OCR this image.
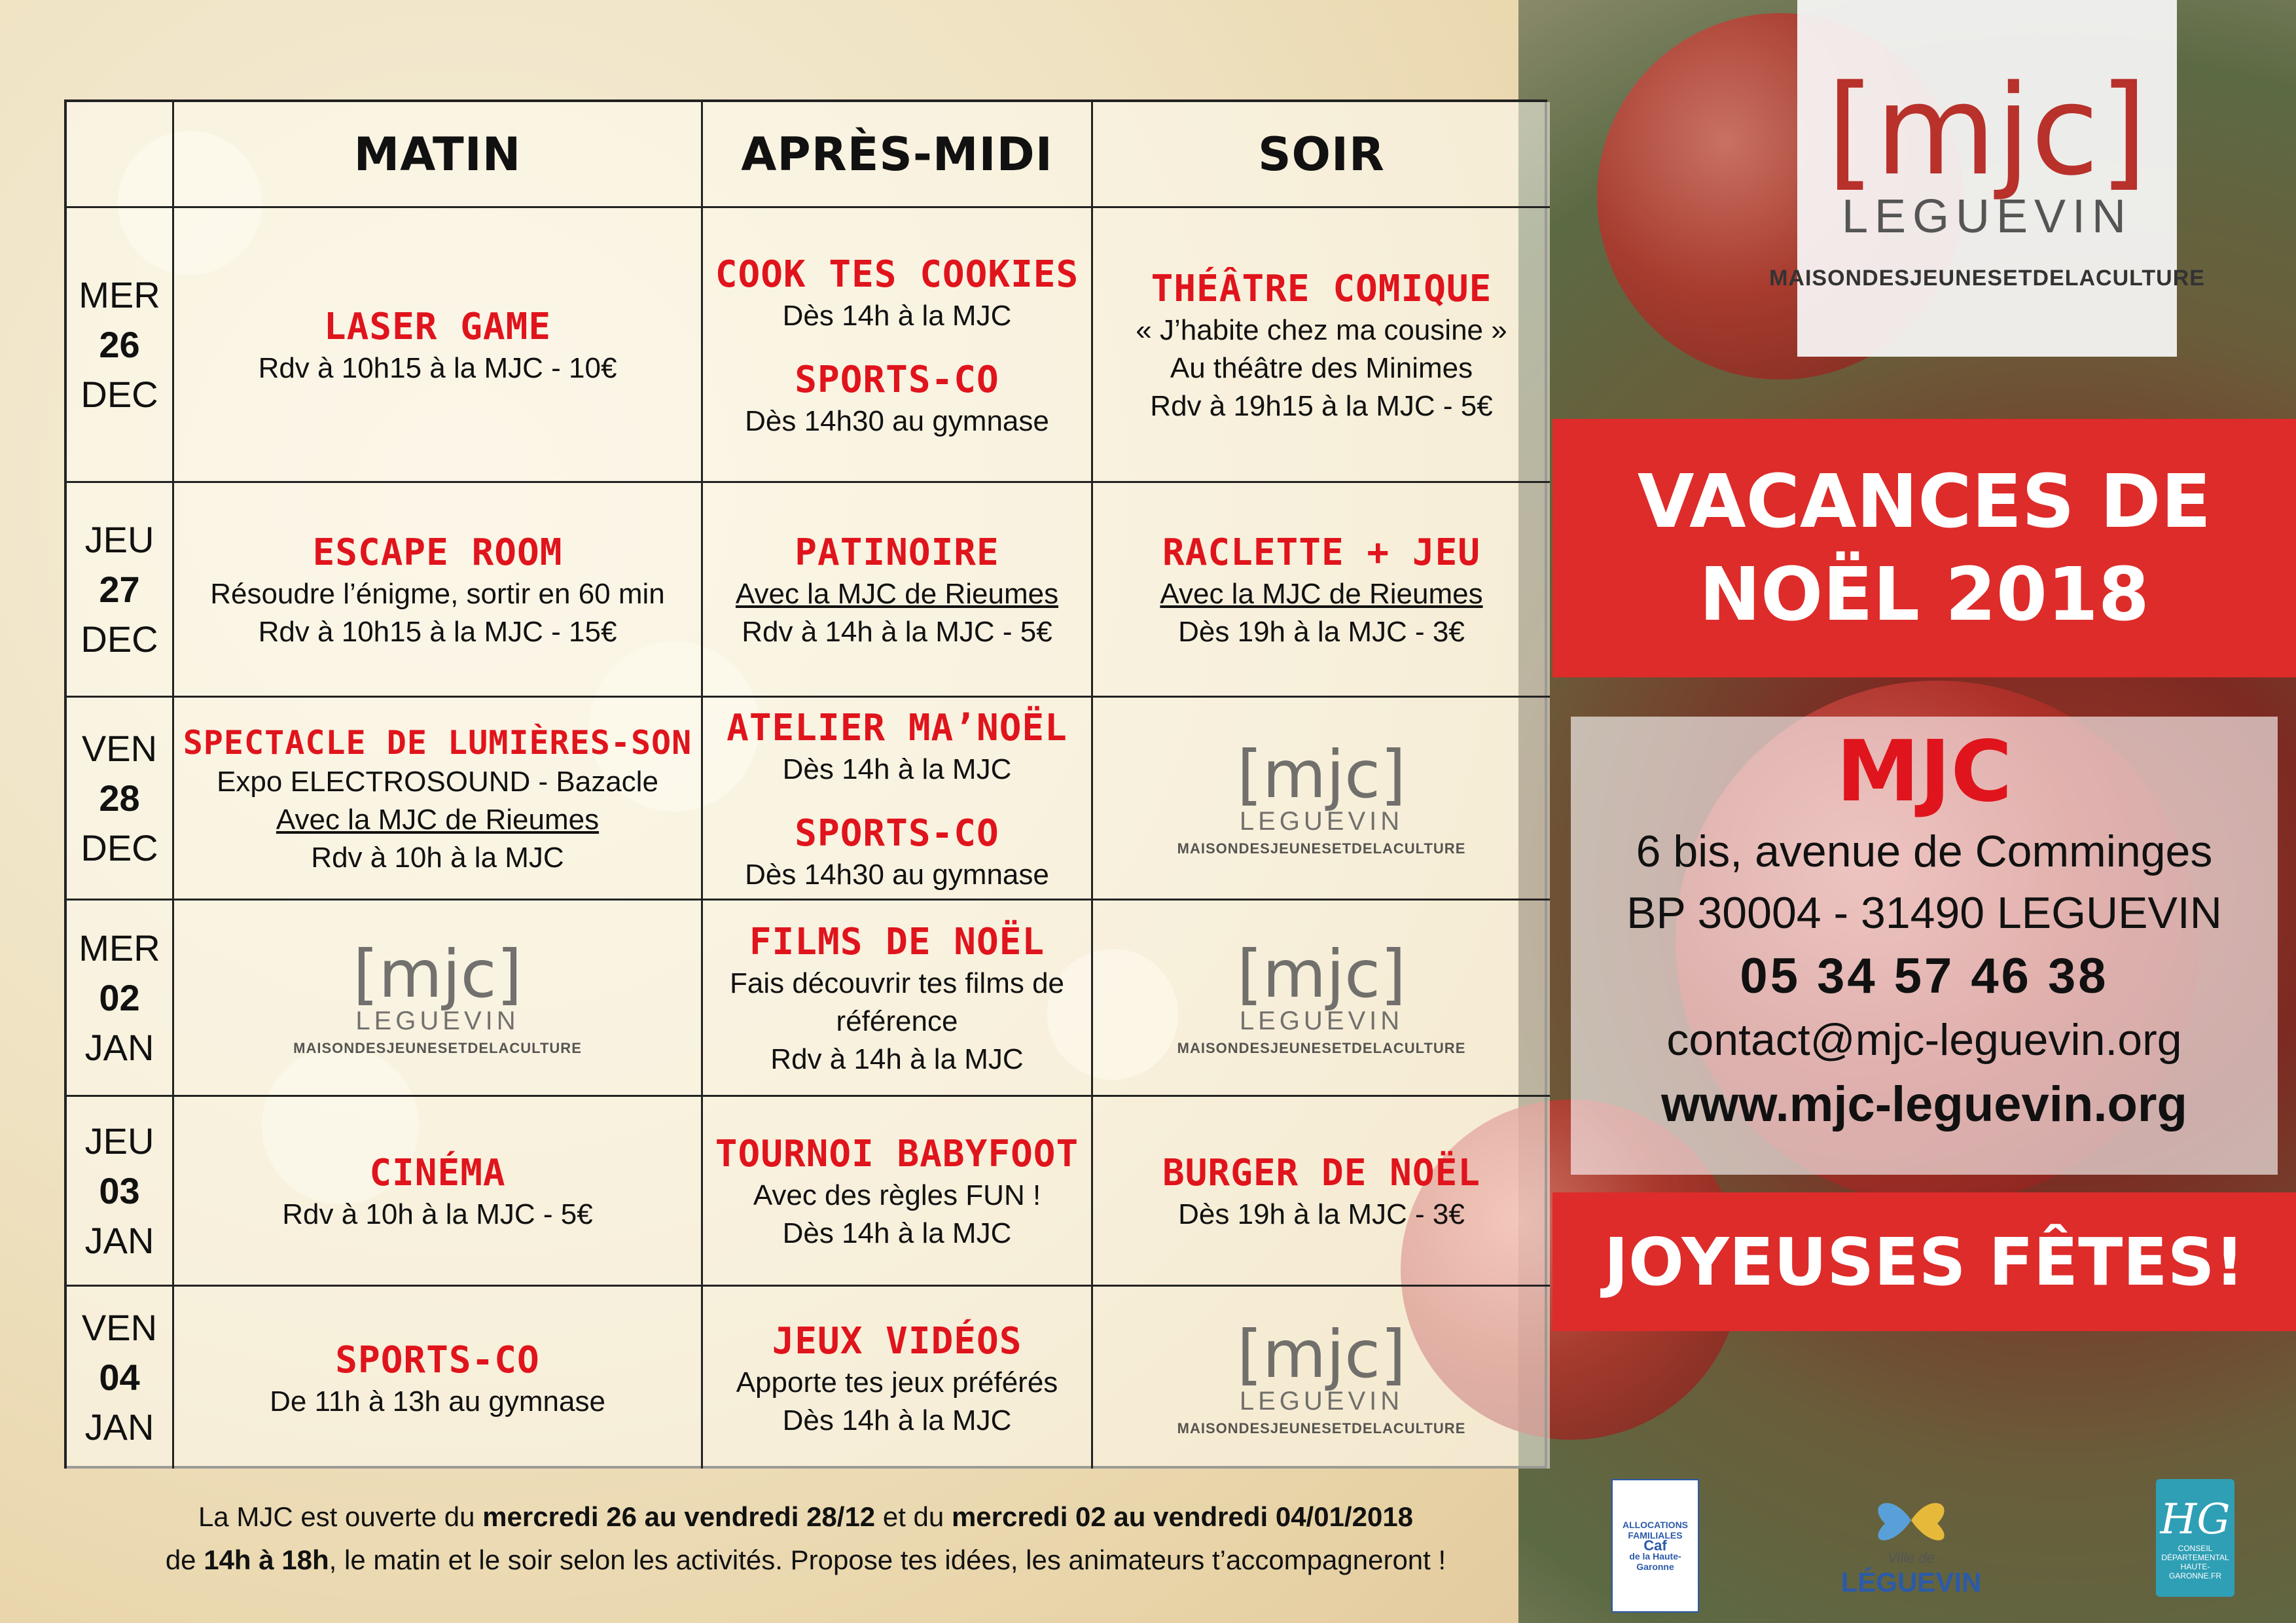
MATIN	APRÈS-MIDI	SOIR
MER
26
DEC
LASER GAME
Rdv à 10h15 à la MJC - 10€
COOK TES COOKIES
Dès 14h à la MJC
SPORTS-CO
Dès 14h30 au gymnase
THÉÂTRE COMIQUE
« J’habite chez ma cousine »
Au théâtre des Minimes
Rdv à 19h15 à la MJC - 5€
JEU
27
DEC
ESCAPE ROOM
Résoudre l’énigme, sortir en 60 min
Rdv à 10h15 à la MJC - 15€
PATINOIRE
Avec la MJC de Rieumes
Rdv à 14h à la MJC - 5€
RACLETTE + JEU
Avec la MJC de Rieumes
Dès 19h à la MJC - 3€
VEN
28
DEC
SPECTACLE DE LUMIÈRES-SON
Expo ELECTROSOUND - Bazacle
Avec la MJC de Rieumes
Rdv à 10h à la MJC
ATELIER MA’NOËL
Dès 14h à la MJC
SPORTS-CO
Dès 14h30 au gymnase
[mjc]
LEGUEVIN
MAISONDESJEUNESETDELACULTURE
MER
02
JAN
[mjc]
LEGUEVIN
MAISONDESJEUNESETDELACULTURE
FILMS DE NOËL
Fais découvrir tes films de
référence
Rdv à 14h à la MJC
[mjc]
LEGUEVIN
MAISONDESJEUNESETDELACULTURE
JEU
03
JAN
CINÉMA
Rdv à 10h à la MJC - 5€
TOURNOI BABYFOOT
Avec des règles FUN !
Dès 14h à la MJC
BURGER DE NOËL
Dès 19h à la MJC - 3€
VEN
04
JAN
SPORTS-CO
De 11h à 13h au gymnase
JEUX VIDÉOS
Apporte tes jeux préférés
Dès 14h à la MJC
[mjc]
LEGUEVIN
MAISONDESJEUNESETDELACULTURE
[mjc]
LEGUEVIN
MAISONDESJEUNESETDELACULTURE
VACANCES DE
NOËL 2018
MJC
6 bis, avenue de Comminges
BP 30004 - 31490 LEGUEVIN
05 34 57 46 38
contact@mjc-leguevin.org
www.mjc-leguevin.org
JOYEUSES FÊTES!
La MJC est ouverte du mercredi 26 au vendredi 28/12 et du mercredi 02 au vendredi 04/01/2018
de 14h à 18h, le matin et le soir selon les activités. Propose tes idées, les animateurs t’accompagneront !
ALLOCATIONS
FAMILIALES
Caf
de la Haute-Garonne
Ville de
LÉGUEVIN
HG
CONSEIL DÉPARTEMENTAL HAUTE-GARONNE.FR
